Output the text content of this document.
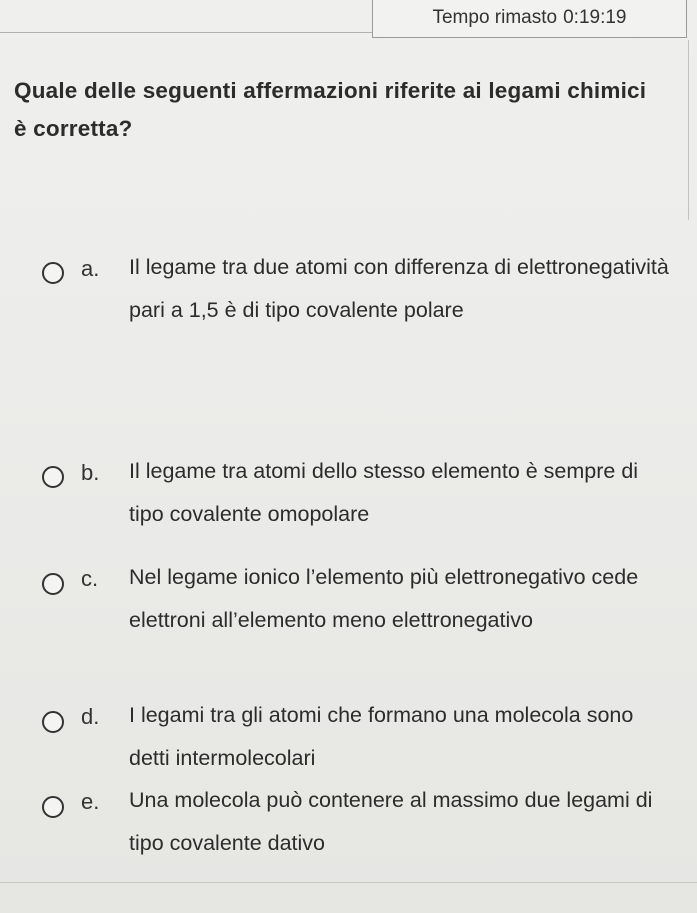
Tempo rimasto 0:19:19
Quale delle seguenti affermazioni riferite ai legami chimici è corretta?
a. Il legame tra due atomi con differenza di elettronegatività pari a 1,5 è di tipo covalente polare
b. Il legame tra atomi dello stesso elemento è sempre di tipo covalente omopolare
c. Nel legame ionico l’elemento più elettronegativo cede elettroni all’elemento meno elettronegativo
d. I legami tra gli atomi che formano una molecola sono detti intermolecolari
e. Una molecola può contenere al massimo due legami di tipo covalente dativo
